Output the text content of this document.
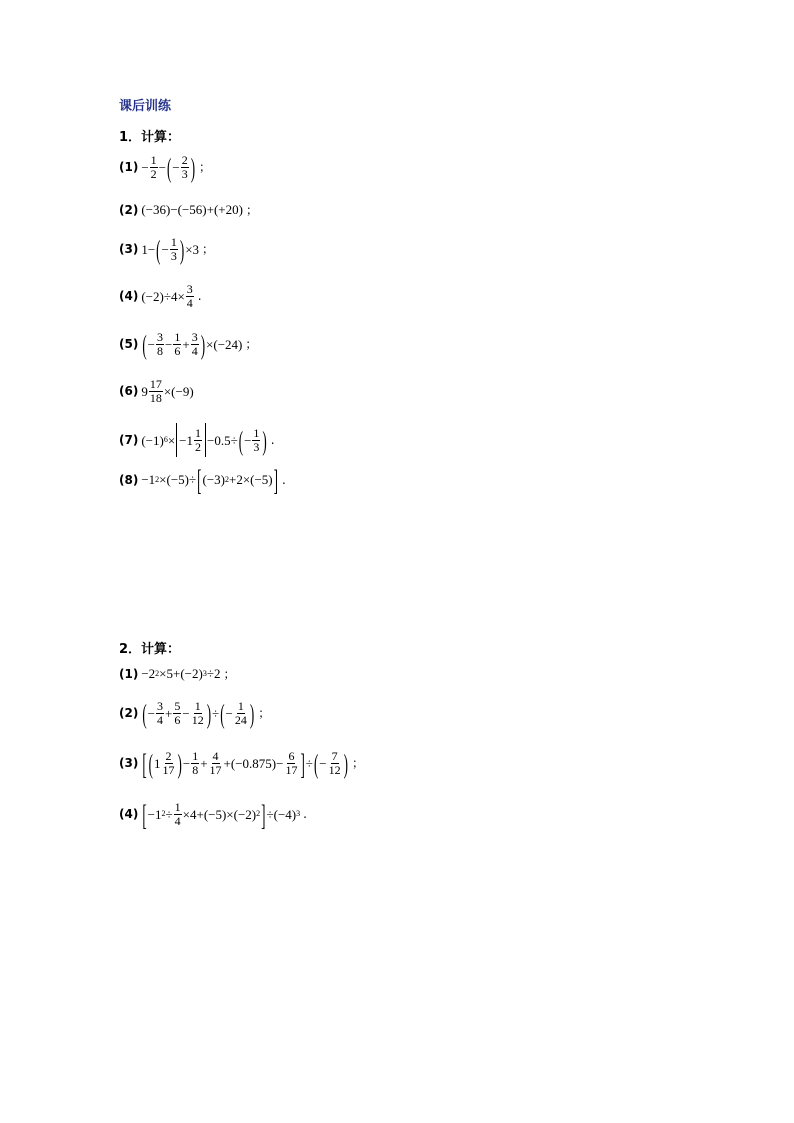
课后训练
1．计算：
$(1) - \frac{1}{2}$ − ( − $\frac{2}{3}$ ) ；
(2) (−36)−(−56)+(+20) ；
(3) 1− ( − $\frac{1}{3}$ ) ×3 ；
(4) $(-2)\div 4\times \frac{3}{4}$ .
(5) ( − $\frac{3}{8} - \frac{1}{6} + \frac{3}{4}$ ) ×(−24) ；
(6) $9 \frac{17}{18} \times(-9)$
(7) (−1) $6 \times -1 \frac{1}{2} -0.5\div$ ( − $\frac{1}{3}$ ) .
(8) −1 2 ×(−5)÷ [ (−3) 2 +2×(−5) ] .
2．计算：
(1) −2 2 ×5+(−2) 3 ÷2 ；
(2) ( − $\frac{3}{4} + \frac{5}{6} - \frac{1}{12}$ ) ÷ ( − $\frac{1}{24}$ ) ；
(3) [ ( $1 \frac{2}{17}$ ) − $\frac{1}{8} + \frac{4}{17} +(-0.875)- \frac{6}{17}$ ] ÷ ( − $\frac{7}{12}$ ) ；
(4) [ −1 $2 \div \frac{1}{4} \times 4+(-5)\times(-2)$ 2 ] ÷(−4) 3 .
